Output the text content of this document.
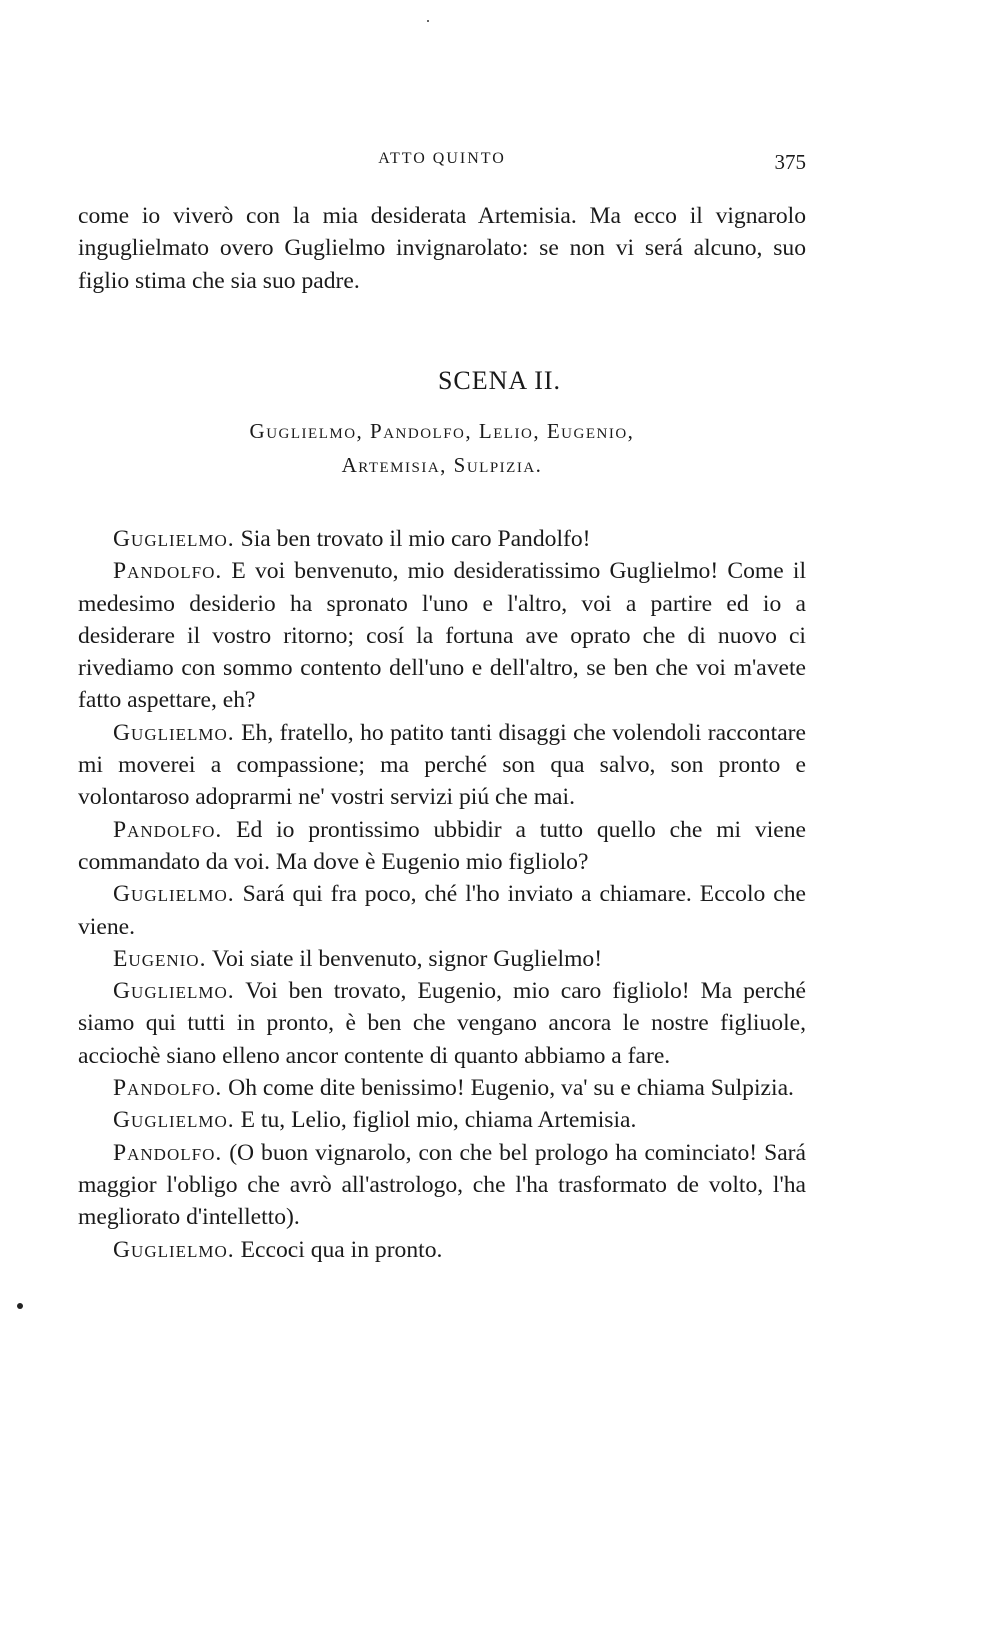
ATTO QUINTO	375

come io viverò con la mia desiderata Artemisia. Ma ecco il vignarolo inguglielmato overo Guglielmo invignarolato: se non vi será alcuno, suo figlio stima che sia suo padre.

SCENA II.
Guglielmo, Pandolfo, Lelio, Eugenio,
Artemisia, Sulpizia.

Guglielmo. Sia ben trovato il mio caro Pandolfo!

Pandolfo. E voi benvenuto, mio desideratissimo Guglielmo! Come il medesimo desiderio ha spronato l'uno e l'altro, voi a partire ed io a desiderare il vostro ritorno; cosí la fortuna ave oprato che di nuovo ci rivediamo con sommo contento dell'uno e dell'altro, se ben che voi m'avete fatto aspettare, eh?

Guglielmo. Eh, fratello, ho patito tanti disaggi che volendoli raccontare mi moverei a compassione; ma perché son qua salvo, son pronto e volontaroso adoprarmi ne' vostri servizi piú che mai.

Pandolfo. Ed io prontissimo ubbidir a tutto quello che mi viene commandato da voi. Ma dove è Eugenio mio figliolo?

Guglielmo. Sará qui fra poco, ché l'ho inviato a chiamare. Eccolo che viene.

Eugenio. Voi siate il benvenuto, signor Guglielmo!

Guglielmo. Voi ben trovato, Eugenio, mio caro figliolo! Ma perché siamo qui tutti in pronto, è ben che vengano ancora le nostre figliuole, acciochè siano elleno ancor contente di quanto abbiamo a fare.

Pandolfo. Oh come dite benissimo! Eugenio, va' su e chiama Sulpizia.

Guglielmo. E tu, Lelio, figliol mio, chiama Artemisia.

Pandolfo. (O buon vignarolo, con che bel prologo ha cominciato! Sará maggior l'obligo che avrò all'astrologo, che l'ha trasformato de volto, l'ha megliorato d'intelletto).

Guglielmo. Eccoci qua in pronto.
